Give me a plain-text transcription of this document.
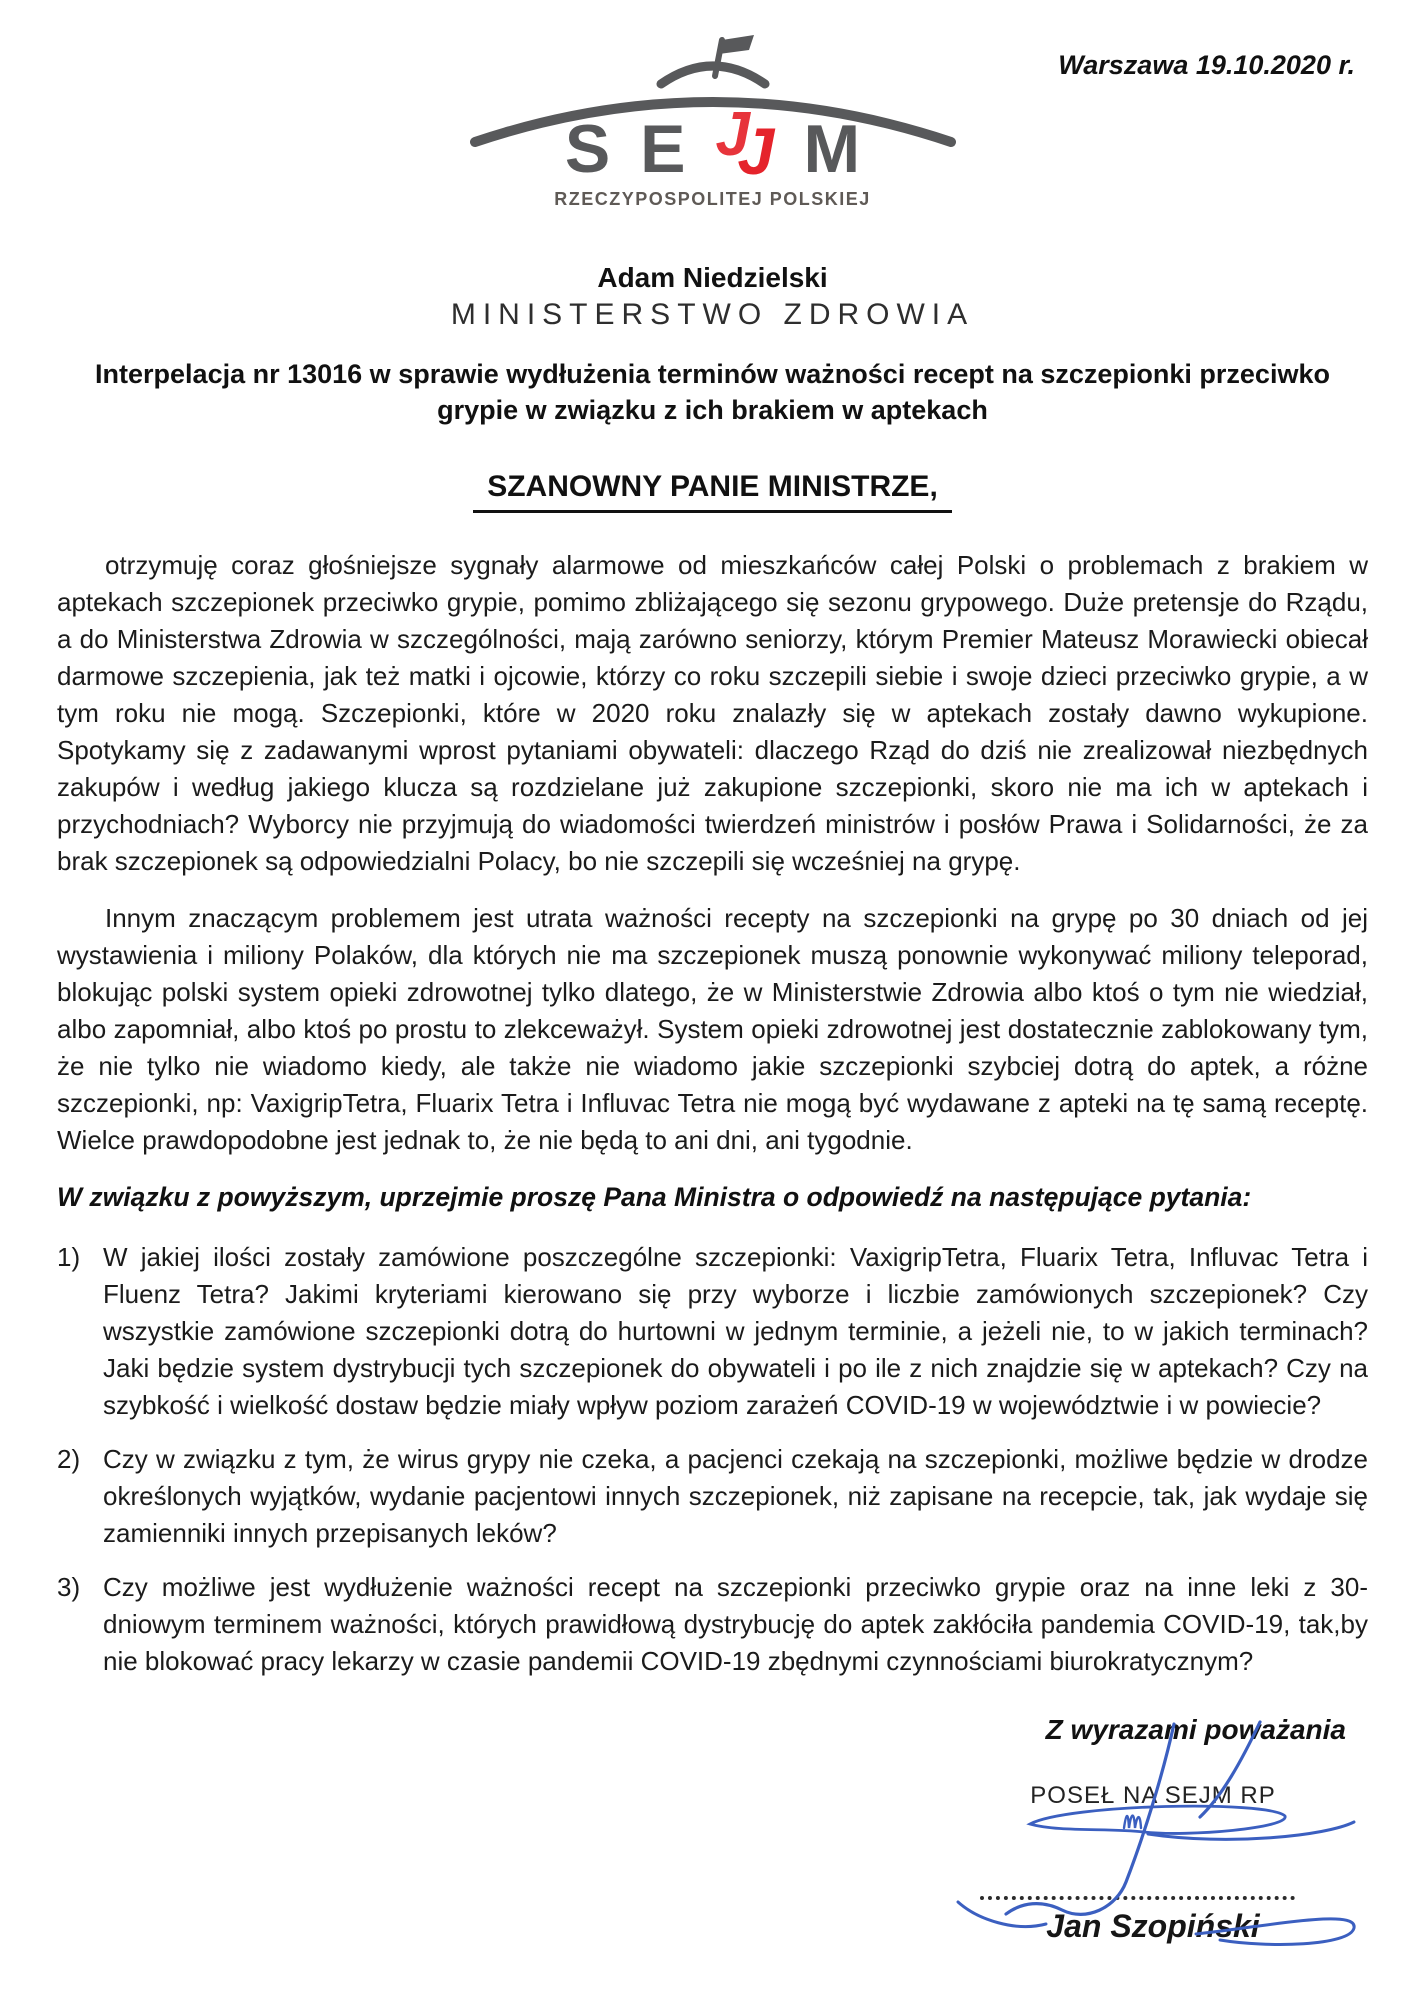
Warszawa 19.10.2020 r.
S E J
J M
RZECZYPOSPOLITEJ POLSKIEJ
Adam Niedzielski
MINISTERSTWO ZDROWIA
Interpelacja nr 13016 w sprawie wydłużenia terminów ważności recept na szczepionki przeciwko grypie w związku z ich brakiem w aptekach
SZANOWNY PANIE MINISTRZE,

otrzymuję coraz głośniejsze sygnały alarmowe od mieszkańców całej Polski o problemach z brakiem w aptekach szczepionek przeciwko grypie, pomimo zbliżającego się sezonu grypowego. Duże pretensje do Rządu, a do Ministerstwa Zdrowia w szczególności, mają zarówno seniorzy, którym Premier Mateusz Morawiecki obiecał darmowe szczepienia, jak też matki i ojcowie, którzy co roku szczepili siebie i swoje dzieci przeciwko grypie, a w tym roku nie mogą. Szczepionki, które w 2020 roku znalazły się w aptekach zostały dawno wykupione. Spotykamy się z zadawanymi wprost pytaniami obywateli: dlaczego Rząd do dziś nie zrealizował niezbędnych zakupów i według jakiego klucza są rozdzielane już zakupione szczepionki, skoro nie ma ich w aptekach i przychodniach? Wyborcy nie przyjmują do wiadomości twierdzeń ministrów i posłów Prawa i Solidarności, że za brak szczepionek są odpowiedzialni Polacy, bo nie szczepili się wcześniej na grypę.

Innym znaczącym problemem jest utrata ważności recepty na szczepionki na grypę po 30 dniach od jej wystawienia i miliony Polaków, dla których nie ma szczepionek muszą ponownie wykonywać miliony teleporad, blokując polski system opieki zdrowotnej tylko dlatego, że w Ministerstwie Zdrowia albo ktoś o tym nie wiedział, albo zapomniał, albo ktoś po prostu to zlekceważył. System opieki zdrowotnej jest dostatecznie zablokowany tym, że nie tylko nie wiadomo kiedy, ale także nie wiadomo jakie szczepionki szybciej dotrą do aptek, a różne szczepionki, np: VaxigripTetra, Fluarix Tetra i Influvac Tetra nie mogą być wydawane z apteki na tę samą receptę. Wielce prawdopodobne jest jednak to, że nie będą to ani dni, ani tygodnie.

W związku z powyższym, uprzejmie proszę Pana Ministra o odpowiedź na następujące pytania:

1) W jakiej ilości zostały zamówione poszczególne szczepionki: VaxigripTetra, Fluarix Tetra, Influvac Tetra i Fluenz Tetra? Jakimi kryteriami kierowano się przy wyborze i liczbie zamówionych szczepionek? Czy wszystkie zamówione szczepionki dotrą do hurtowni w jednym terminie, a jeżeli nie, to w jakich terminach? Jaki będzie system dystrybucji tych szczepionek do obywateli i po ile z nich znajdzie się w aptekach? Czy na szybkość i wielkość dostaw będzie miały wpływ poziom zarażeń COVID-19 w województwie i w powiecie?
2) Czy w związku z tym, że wirus grypy nie czeka, a pacjenci czekają na szczepionki, możliwe będzie w drodze określonych wyjątków, wydanie pacjentowi innych szczepionek, niż zapisane na recepcie, tak, jak wydaje się zamienniki innych przepisanych leków?
3) Czy możliwe jest wydłużenie ważności recept na szczepionki przeciwko grypie oraz na inne leki z 30-dniowym terminem ważności, których prawidłową dystrybucję do aptek zakłóciła pandemia COVID-19, tak,by nie blokować pracy lekarzy w czasie pandemii COVID-19 zbędnymi czynnościami biurokratycznym?
Z wyrazami poważania
POSEŁ NA SEJM RP
Jan Szopiński
